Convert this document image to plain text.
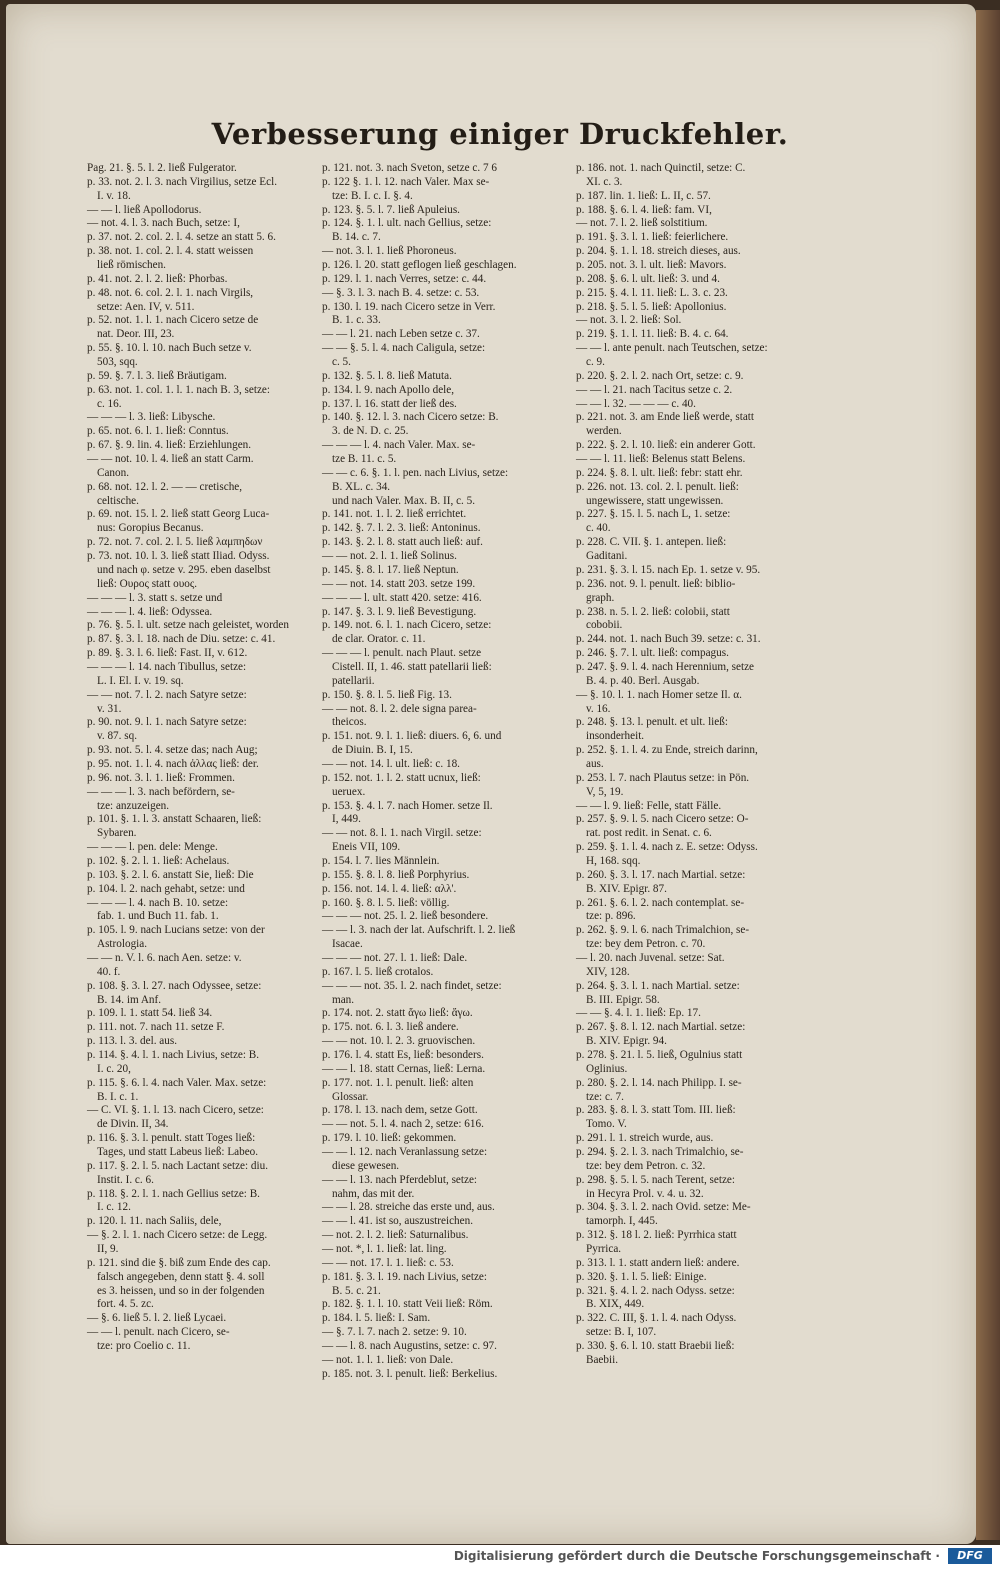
Verbesserung einiger Druckfehler.
Pag. 21. §. 5. l. 2. ließ Fulgerator.
p. 33. not. 2. l. 3. nach Virgilius, setze Ecl.
I. v. 18.
— — l. ließ Apollodorus.
— not. 4. l. 3. nach Buch, setze: I,
p. 37. not. 2. col. 2. l. 4. setze an statt 5. 6.
p. 38. not. 1. col. 2. l. 4. statt weissen
ließ römischen.
p. 41. not. 2. l. 2. ließ: Phorbas.
p. 48. not. 6. col. 2. l. 1. nach Virgils,
setze: Aen. IV, v. 511.
p. 52. not. 1. l. 1. nach Cicero setze de
nat. Deor. III, 23.
p. 55. §. 10. l. 10. nach Buch setze v.
503, sqq.
p. 59. §. 7. l. 3. ließ Bräutigam.
p. 63. not. 1. col. 1. l. 1. nach B. 3, setze:
c. 16.
— — — l. 3. ließ: Libysche.
p. 65. not. 6. l. 1. ließ: Conntus.
p. 67. §. 9. lin. 4. ließ: Erziehlungen.
— — not. 10. l. 4. ließ an statt Carm.
Canon.
p. 68. not. 12. l. 2. — — cretische,
celtische.
p. 69. not. 15. l. 2. ließ statt Georg Luca-
nus: Goropius Becanus.
p. 72. not. 7. col. 2. l. 5. ließ λαμπηδων
p. 73. not. 10. l. 3. ließ statt Iliad. Odyss.
und nach φ. setze v. 295. eben daselbst
ließ: Ουρος statt ουος.
— — — l. 3. statt s. setze und
— — — l. 4. ließ: Odyssea.
p. 76. §. 5. l. ult. setze nach geleistet, worden
p. 87. §. 3. l. 18. nach de Diu. setze: c. 41.
p. 89. §. 3. l. 6. ließ: Fast. II, v. 612.
— — — l. 14. nach Tibullus, setze:
L. I. El. I. v. 19. sq.
— — not. 7. l. 2. nach Satyre setze:
v. 31.
p. 90. not. 9. l. 1. nach Satyre setze:
v. 87. sq.
p. 93. not. 5. l. 4. setze das; nach Aug;
p. 95. not. 1. l. 4. nach ἀλλας ließ: der.
p. 96. not. 3. l. 1. ließ: Frommen.
— — — l. 3. nach befördern, se-
tze: anzuzeigen.
p. 101. §. 1. l. 3. anstatt Schaaren, ließ:
Sybaren.
— — — l. pen. dele: Menge.
p. 102. §. 2. l. 1. ließ: Achelaus.
p. 103. §. 2. l. 6. anstatt Sie, ließ: Die
p. 104. l. 2. nach gehabt, setze: und
— — — l. 4. nach B. 10. setze:
fab. 1. und Buch 11. fab. 1.
p. 105. l. 9. nach Lucians setze: von der
Astrologia.
— — n. V. l. 6. nach Aen. setze: v.
40. f.
p. 108. §. 3. l. 27. nach Odyssee, setze:
B. 14. im Anf.
p. 109. l. 1. statt 54. ließ 34.
p. 111. not. 7. nach 11. setze F.
p. 113. l. 3. del. aus.
p. 114. §. 4. l. 1. nach Livius, setze: B.
I. c. 20,
p. 115. §. 6. l. 4. nach Valer. Max. setze:
B. I. c. 1.
— C. VI. §. 1. l. 13. nach Cicero, setze:
de Divin. II, 34.
p. 116. §. 3. l. penult. statt Toges ließ:
Tages, und statt Labeus ließ: Labeo.
p. 117. §. 2. l. 5. nach Lactant setze: diu.
Instit. I. c. 6.
p. 118. §. 2. l. 1. nach Gellius setze: B.
I. c. 12.
p. 120. l. 11. nach Saliis, dele,
— §. 2. l. 1. nach Cicero setze: de Legg.
II, 9.
p. 121. sind die §. biß zum Ende des cap.
falsch angegeben, denn statt §. 4. soll
es 3. heissen, und so in der folgenden
fort. 4. 5. zc.
— §. 6. ließ 5. l. 2. ließ Lycaei.
— — l. penult. nach Cicero, se-
tze: pro Coelio c. 11.
p. 121. not. 3. nach Sveton, setze c. 7 6
p. 122 §. 1. l. 12. nach Valer. Max se-
tze: B. I. c. I. §. 4.
p. 123. §. 5. l. 7. ließ Apuleius.
p. 124. §. 1. l. ult. nach Gellius, setze:
B. 14. c. 7.
— not. 3. l. 1. ließ Phoroneus.
p. 126. l. 20. statt geflogen ließ geschlagen.
p. 129. l. 1. nach Verres, setze: c. 44.
— §. 3. l. 3. nach B. 4. setze: c. 53.
p. 130. l. 19. nach Cicero setze in Verr.
B. 1. c. 33.
— — l. 21. nach Leben setze c. 37.
— — §. 5. l. 4. nach Caligula, setze:
c. 5.
p. 132. §. 5. l. 8. ließ Matuta.
p. 134. l. 9. nach Apollo dele,
p. 137. l. 16. statt der ließ des.
p. 140. §. 12. l. 3. nach Cicero setze: B.
3. de N. D. c. 25.
— — — l. 4. nach Valer. Max. se-
tze B. 11. c. 5.
— — c. 6. §. 1. l. pen. nach Livius, setze:
B. XL. c. 34.
und nach Valer. Max. B. II, c. 5.
p. 141. not. 1. l. 2. ließ errichtet.
p. 142. §. 7. l. 2. 3. ließ: Antoninus.
p. 143. §. 2. l. 8. statt auch ließ: auf.
— — not. 2. l. 1. ließ Solinus.
p. 145. §. 8. l. 17. ließ Neptun.
— — not. 14. statt 203. setze 199.
— — — l. ult. statt 420. setze: 416.
p. 147. §. 3. l. 9. ließ Bevestigung.
p. 149. not. 6. l. 1. nach Cicero, setze:
de clar. Orator. c. 11.
— — — l. penult. nach Plaut. setze
Cistell. II, 1. 46. statt patellarii ließ:
patellarii.
p. 150. §. 8. l. 5. ließ Fig. 13.
— — not. 8. l. 2. dele signa parea-
theicos.
p. 151. not. 9. l. 1. ließ: diuers. 6, 6. und
de Diuin. B. I, 15.
— — not. 14. l. ult. ließ: c. 18.
p. 152. not. 1. l. 2. statt ucnux, ließ:
ueruex.
p. 153. §. 4. l. 7. nach Homer. setze Il.
I, 449.
— — not. 8. l. 1. nach Virgil. setze:
Eneis VII, 109.
p. 154. l. 7. lies Männlein.
p. 155. §. 8. l. 8. ließ Porphyrius.
p. 156. not. 14. l. 4. ließ: αλλ'.
p. 160. §. 8. l. 5. ließ: völlig.
— — — not. 25. l. 2. ließ besondere.
— — l. 3. nach der lat. Aufschrift. l. 2. ließ
Isacae.
— — — not. 27. l. 1. ließ: Dale.
p. 167. l. 5. ließ crotalos.
— — — not. 35. l. 2. nach findet, setze:
man.
p. 174. not. 2. statt ἄγω ließ: ἄγω.
p. 175. not. 6. l. 3. ließ andere.
— — not. 10. l. 2. 3. gruovischen.
p. 176. l. 4. statt Es, ließ: besonders.
— — l. 18. statt Cernas, ließ: Lerna.
p. 177. not. 1. l. penult. ließ: alten
Glossar.
p. 178. l. 13. nach dem, setze Gott.
— — not. 5. l. 4. nach 2, setze: 616.
p. 179. l. 10. ließ: gekommen.
— — l. 12. nach Veranlassung setze:
diese gewesen.
— — l. 13. nach Pferdeblut, setze:
nahm, das mit der.
— — l. 28. streiche das erste und, aus.
— — l. 41. ist so, auszustreichen.
— not. 2. l. 2. ließ: Saturnalibus.
— not. *, l. 1. ließ: lat. ling.
— — not. 17. l. 1. ließ: c. 53.
p. 181. §. 3. l. 19. nach Livius, setze:
B. 5. c. 21.
p. 182. §. 1. l. 10. statt Veii ließ: Röm.
p. 184. l. 5. ließ: I. Sam.
— §. 7. l. 7. nach 2. setze: 9. 10.
— — l. 8. nach Augustins, setze: c. 97.
— not. 1. l. 1. ließ: von Dale.
p. 185. not. 3. l. penult. ließ: Berkelius.
p. 186. not. 1. nach Quinctil, setze: C.
XI. c. 3.
p. 187. lin. 1. ließ: L. II, c. 57.
p. 188. §. 6. l. 4. ließ: fam. VI,
— not. 7. l. 2. ließ solstitium.
p. 191. §. 3. l. 1. ließ: feierlichere.
p. 204. §. 1. l. 18. streich dieses, aus.
p. 205. not. 3. l. ult. ließ: Mavors.
p. 208. §. 6. l. ult. ließ: 3. und 4.
p. 215. §. 4. l. 11. ließ: L. 3. c. 23.
p. 218. §. 5. l. 5. ließ: Apollonius.
— not. 3. l. 2. ließ: Sol.
p. 219. §. 1. l. 11. ließ: B. 4. c. 64.
— — l. ante penult. nach Teutschen, setze:
c. 9.
p. 220. §. 2. l. 2. nach Ort, setze: c. 9.
— — l. 21. nach Tacitus setze c. 2.
— — l. 32. — — — c. 40.
p. 221. not. 3. am Ende ließ werde, statt
werden.
p. 222. §. 2. l. 10. ließ: ein anderer Gott.
— — l. 11. ließ: Belenus statt Belens.
p. 224. §. 8. l. ult. ließ: febr: statt ehr.
p. 226. not. 13. col. 2. l. penult. ließ:
ungewissere, statt ungewissen.
p. 227. §. 15. l. 5. nach L, 1. setze:
c. 40.
p. 228. C. VII. §. 1. antepen. ließ:
Gaditani.
p. 231. §. 3. l. 15. nach Ep. 1. setze v. 95.
p. 236. not. 9. l. penult. ließ: biblio-
graph.
p. 238. n. 5. l. 2. ließ: colobii, statt
cobobii.
p. 244. not. 1. nach Buch 39. setze: c. 31.
p. 246. §. 7. l. ult. ließ: compagus.
p. 247. §. 9. l. 4. nach Herennium, setze
B. 4. p. 40. Berl. Ausgab.
— §. 10. l. 1. nach Homer setze Il. α.
v. 16.
p. 248. §. 13. l. penult. et ult. ließ:
insonderheit.
p. 252. §. 1. l. 4. zu Ende, streich darinn,
aus.
p. 253. l. 7. nach Plautus setze: in Pön.
V, 5, 19.
— — l. 9. ließ: Felle, statt Fälle.
p. 257. §. 9. l. 5. nach Cicero setze: O-
rat. post redit. in Senat. c. 6.
p. 259. §. 1. l. 4. nach z. E. setze: Odyss.
H, 168. sqq.
p. 260. §. 3. l. 17. nach Martial. setze:
B. XIV. Epigr. 87.
p. 261. §. 6. l. 2. nach contemplat. se-
tze: p. 896.
p. 262. §. 9. l. 6. nach Trimalchion, se-
tze: bey dem Petron. c. 70.
— l. 20. nach Juvenal. setze: Sat.
XIV, 128.
p. 264. §. 3. l. 1. nach Martial. setze:
B. III. Epigr. 58.
— — §. 4. l. 1. ließ: Ep. 17.
p. 267. §. 8. l. 12. nach Martial. setze:
B. XIV. Epigr. 94.
p. 278. §. 21. l. 5. ließ, Ogulnius statt
Oglinius.
p. 280. §. 2. l. 14. nach Philipp. I. se-
tze: c. 7.
p. 283. §. 8. l. 3. statt Tom. III. ließ:
Tomo. V.
p. 291. l. 1. streich wurde, aus.
p. 294. §. 2. l. 3. nach Trimalchio, se-
tze: bey dem Petron. c. 32.
p. 298. §. 5. l. 5. nach Terent, setze:
in Hecyra Prol. v. 4. u. 32.
p. 304. §. 3. l. 2. nach Ovid. setze: Me-
tamorph. I, 445.
p. 312. §. 18 l. 2. ließ: Pyrrhica statt
Pyrrica.
p. 313. l. 1. statt andern ließ: andere.
p. 320. §. 1. l. 5. ließ: Einige.
p. 321. §. 4. l. 2. nach Odyss. setze:
B. XIX, 449.
p. 322. C. III, §. 1. l. 4. nach Odyss.
setze: B. I, 107.
p. 330. §. 6. l. 10. statt Braebii ließ:
Baebii.
Digitalisierung gefördert durch die Deutsche Forschungsgemeinschaft ·	DFG
